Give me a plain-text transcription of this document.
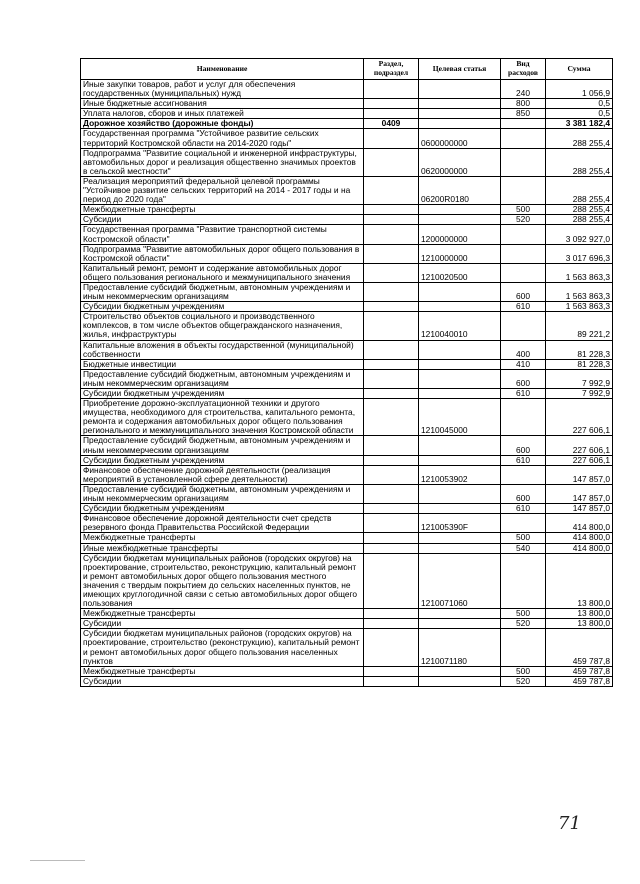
Наименование	Раздел, подраздел	Целевая статья	Вид расходов	Сумма
Иные закупки товаров, работ и услуг для обеспечения государственных (муниципальных) нужд			240	1 056,9
Иные бюджетные ассигнования			800	0,5
Уплата налогов, сборов и иных платежей			850	0,5
Дорожное хозяйство (дорожные фонды)	0409			3 381 182,4
Государственная программа "Устойчивое развитие сельских территорий Костромской области на 2014-2020 годы"		0600000000		288 255,4
Подпрограмма "Развитие социальной и инженерной инфраструктуры, автомобильных дорог и реализация общественно значимых проектов в сельской местности"		0620000000		288 255,4
Реализация мероприятий федеральной целевой программы "Устойчивое развитие сельских территорий на 2014 - 2017 годы и на период до 2020 года"		06200R0180		288 255,4
Межбюджетные трансферты			500	288 255,4
Субсидии			520	288 255,4
Государственная программа "Развитие транспортной системы Костромской области"		1200000000		3 092 927,0
Подпрограмма "Развитие автомобильных дорог общего пользования в Костромской области"		1210000000		3 017 696,3
Капитальный ремонт, ремонт и содержание автомобильных дорог общего пользования регионального и межмуниципального значения		1210020500		1 563 863,3
Предоставление субсидий бюджетным, автономным учреждениям и иным некоммерческим организациям			600	1 563 863,3
Субсидии бюджетным учреждениям			610	1 563 863,3
Строительство объектов социального и производственного комплексов, в том числе объектов общегражданского назначения, жилья, инфраструктуры		1210040010		89 221,2
Капитальные вложения в объекты государственной (муниципальной) собственности			400	81 228,3
Бюджетные инвестиции			410	81 228,3
Предоставление субсидий бюджетным, автономным учреждениям и иным некоммерческим организациям			600	7 992,9
Субсидии бюджетным учреждениям			610	7 992,9
Приобретение дорожно-эксплуатационной техники и другого имущества, необходимого для строительства, капитального ремонта, ремонта и содержания автомобильных дорог общего пользования регионального и межмуниципального значения Костромской области		1210045000		227 606,1
Предоставление субсидий бюджетным, автономным учреждениям и иным некоммерческим организациям			600	227 606,1
Субсидии бюджетным учреждениям			610	227 606,1
Финансовое обеспечение дорожной деятельности (реализация мероприятий в установленной сфере деятельности)		1210053902		147 857,0
Предоставление субсидий бюджетным, автономным учреждениям и иным некоммерческим организациям			600	147 857,0
Субсидии бюджетным учреждениям			610	147 857,0
Финансовое обеспечение дорожной деятельности счет средств резервного фонда Правительства Российской Федерации		121005390F		414 800,0
Межбюджетные трансферты			500	414 800,0
Иные межбюджетные трансферты			540	414 800,0
Субсидии бюджетам муниципальных районов (городских округов) на проектирование, строительство, реконструкцию, капитальный ремонт и ремонт автомобильных дорог общего пользования местного значения с твердым покрытием до сельских населенных пунктов, не имеющих круглогодичной связи с сетью автомобильных дорог общего пользования		1210071060		13 800,0
Межбюджетные трансферты			500	13 800,0
Субсидии			520	13 800,0
Субсидии бюджетам муниципальных районов (городских округов) на проектирование, строительство (реконструкцию), капитальный ремонт и ремонт автомобильных дорог общего пользования населенных пунктов		1210071180		459 787,8
Межбюджетные трансферты			500	459 787,8
Субсидии			520	459 787,8
71
